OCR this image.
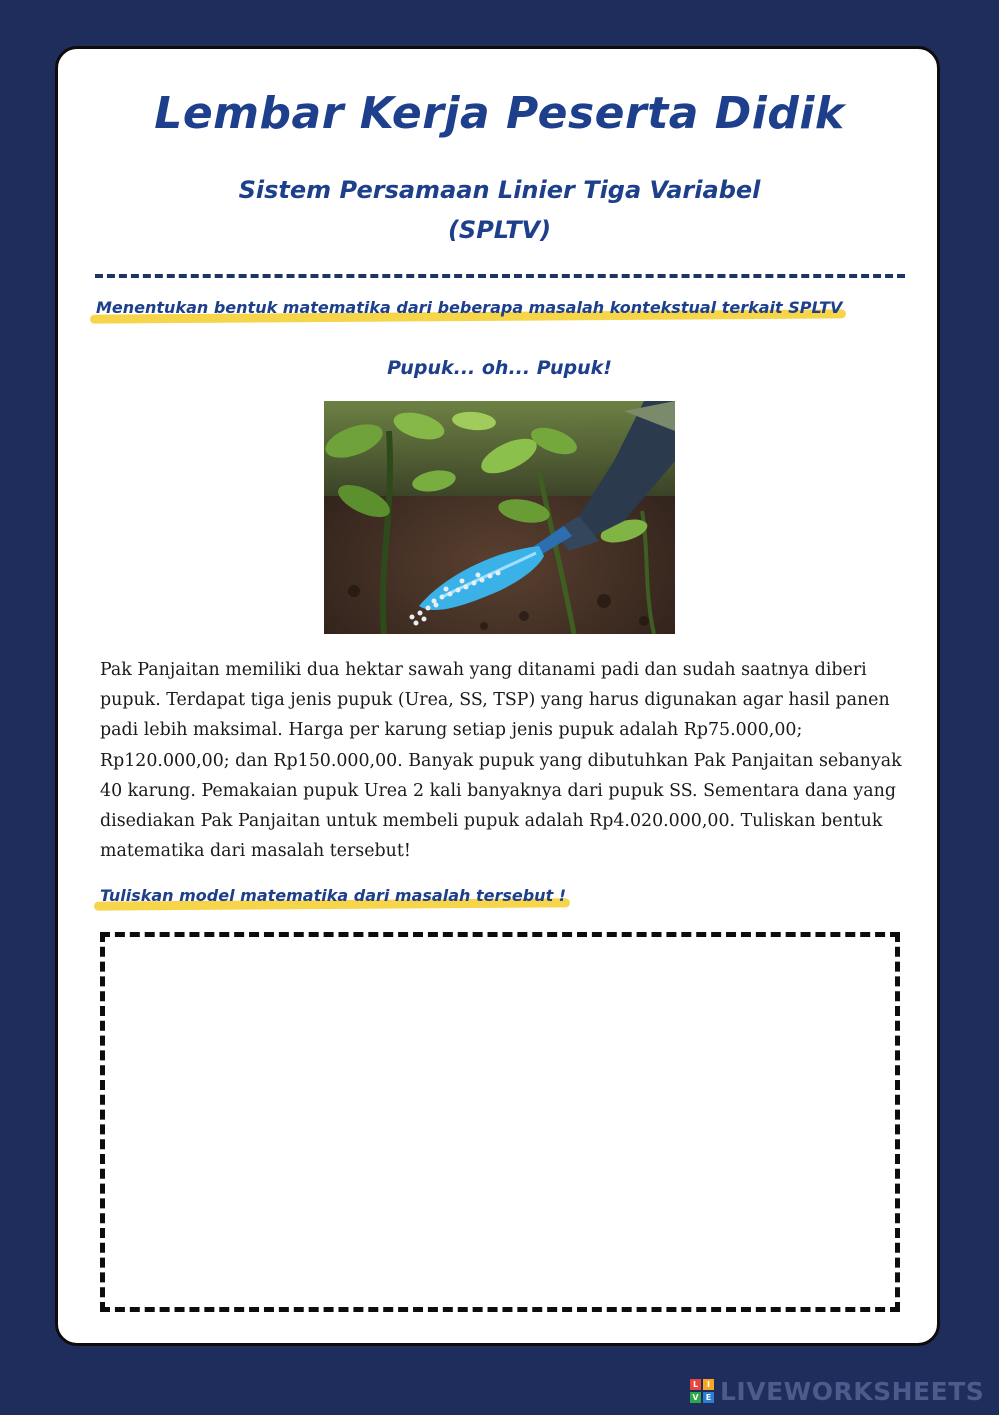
Lembar Kerja Peserta Didik
Sistem Persamaan Linier Tiga Variabel
(SPLTV)
Menentukan bentuk matematika dari beberapa masalah kontekstual terkait SPLTV
Pupuk... oh... Pupuk!

Pak Panjaitan memiliki dua hektar sawah yang ditanami padi dan sudah saatnya diberi pupuk. Terdapat tiga jenis pupuk (Urea, SS, TSP) yang harus digunakan agar hasil panen padi lebih maksimal. Harga per karung setiap jenis pupuk adalah Rp75.000,00; Rp120.000,00; dan Rp150.000,00. Banyak pupuk yang dibutuhkan Pak Panjaitan sebanyak 40 karung. Pemakaian pupuk Urea 2 kali banyaknya dari pupuk SS. Sementara dana yang disediakan Pak Panjaitan untuk membeli pupuk adalah Rp4.020.000,00. Tuliskan bentuk matematika dari masalah tersebut!

Tuliskan model matematika dari masalah tersebut !
L	I
V E LIVEWORKSHEETS
